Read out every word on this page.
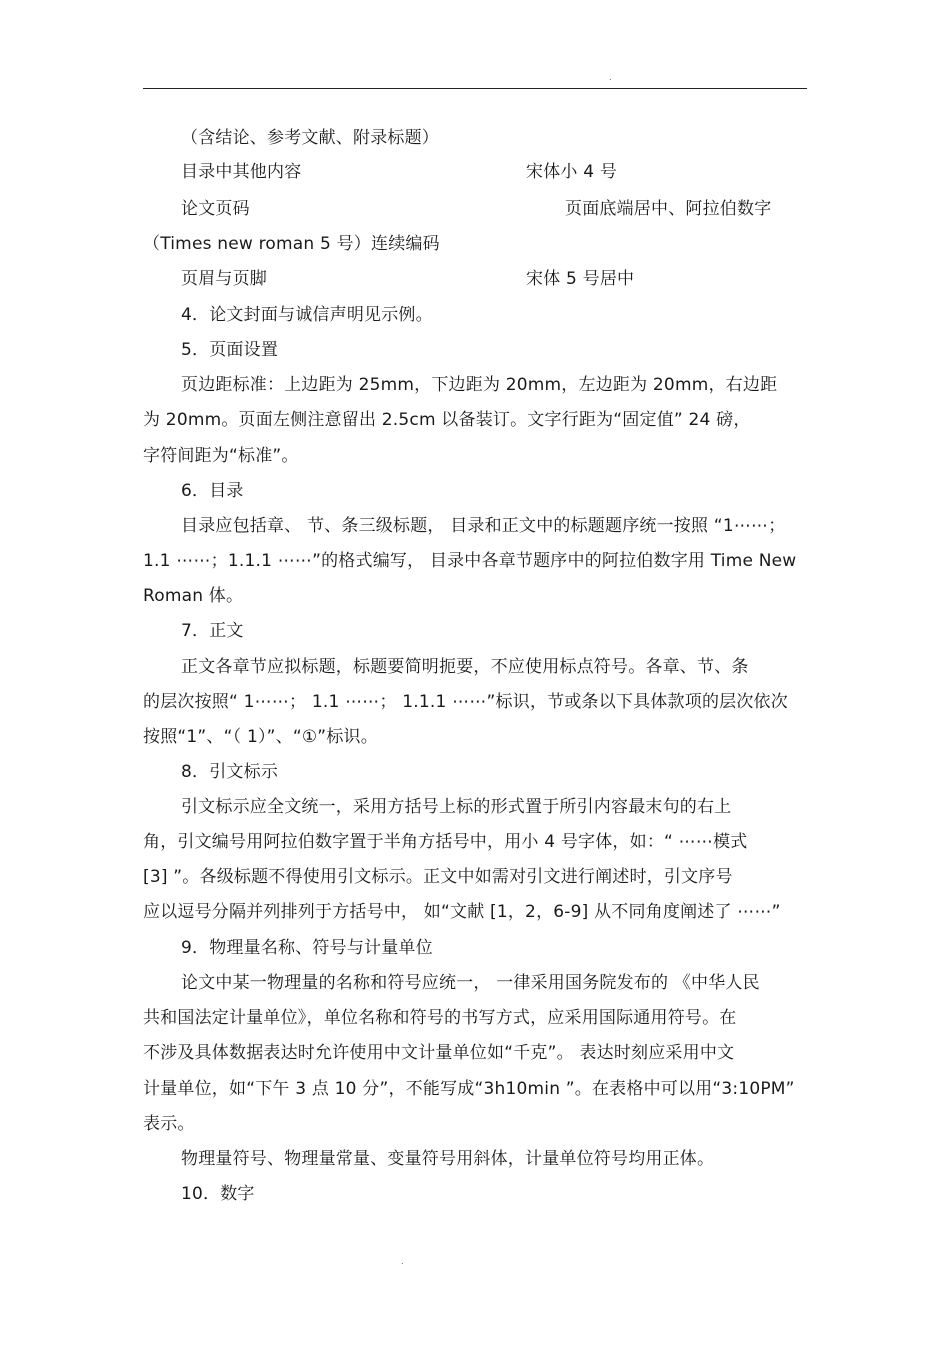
.
（含结论、参考文献、附录标题）
目录中其他内容	宋体小 4 号
论文页码	页面底端居中、阿拉伯数字
（Times new roman 5 号）连续编码
页眉与页脚	宋体 5 号居中
4．论文封面与诚信声明见示例。
5．页面设置
页边距标准：上边距为 25mm，下边距为 20mm，左边距为 20mm，右边距
为 20mm。页面左侧注意留出 2.5cm 以备装订。文字行距为“固定值” 24 磅，
字符间距为“标准”。
6．目录
目录应包括章、 节、条三级标题， 目录和正文中的标题题序统一按照 “1⋯⋯；
1.1 ⋯⋯；1.1.1 ⋯⋯”的格式编写， 目录中各章节题序中的阿拉伯数字用 Time New
Roman 体。
7．正文
正文各章节应拟标题，标题要简明扼要，不应使用标点符号。各章、节、条
的层次按照“ 1⋯⋯； 1.1 ⋯⋯； 1.1.1 ⋯⋯”标识，节或条以下具体款项的层次依次
按照“1”、“（ 1）”、“①”标识。
8．引文标示
引文标示应全文统一，采用方括号上标的形式置于所引内容最末句的右上
角，引文编号用阿拉伯数字置于半角方括号中，用小 4 号字体，如：“ ⋯⋯模式
[3] ”。各级标题不得使用引文标示。正文中如需对引文进行阐述时，引文序号
应以逗号分隔并列排列于方括号中， 如“文献 [1，2，6-9] 从不同角度阐述了 ⋯⋯”
9．物理量名称、符号与计量单位
论文中某一物理量的名称和符号应统一， 一律采用国务院发布的 《中华人民
共和国法定计量单位》，单位名称和符号的书写方式，应采用国际通用符号。在
不涉及具体数据表达时允许使用中文计量单位如“千克”。 表达时刻应采用中文
计量单位，如“下午 3 点 10 分”，不能写成“3h10min ”。在表格中可以用“3:10PM”
表示。
物理量符号、物理量常量、变量符号用斜体，计量单位符号均用正体。
10．数字
.
